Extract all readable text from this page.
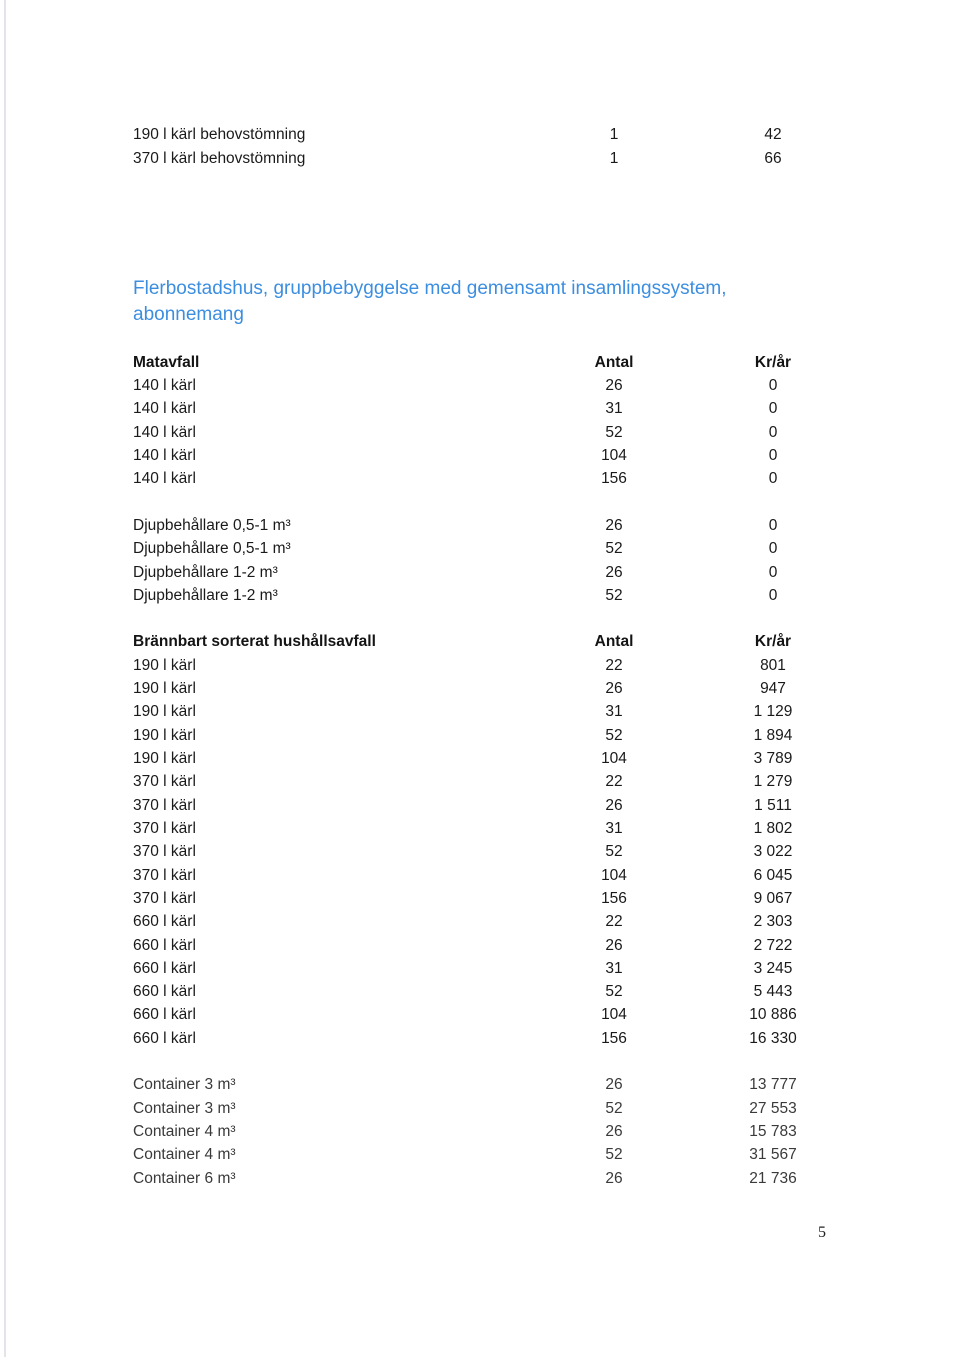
190 l kärl behovstömning	1	42
370 l kärl behovstömning	1	66
Flerbostadshus, gruppbebyggelse med gemensamt insamlingssystem, abonnemang
Matavfall	Antal	Kr/år
140 l kärl	26	0
140 l kärl	31	0
140 l kärl	52	0
140 l kärl	104	0
140 l kärl	156	0
Djupbehållare 0,5-1 m³	26	0
Djupbehållare 0,5-1 m³	52	0
Djupbehållare 1-2 m³	26	0
Djupbehållare 1-2 m³	52	0
Brännbart sorterat hushållsavfall	Antal	Kr/år
190 l kärl	22	801
190 l kärl	26	947
190 l kärl	31	1 129
190 l kärl	52	1 894
190 l kärl	104	3 789
370 l kärl	22	1 279
370 l kärl	26	1 511
370 l kärl	31	1 802
370 l kärl	52	3 022
370 l kärl	104	6 045
370 l kärl	156	9 067
660 l kärl	22	2 303
660 l kärl	26	2 722
660 l kärl	31	3 245
660 l kärl	52	5 443
660 l kärl	104	10 886
660 l kärl	156	16 330
Container 3 m³	26	13 777
Container 3 m³	52	27 553
Container 4 m³	26	15 783
Container 4 m³	52	31 567
Container 6 m³	26	21 736
5
